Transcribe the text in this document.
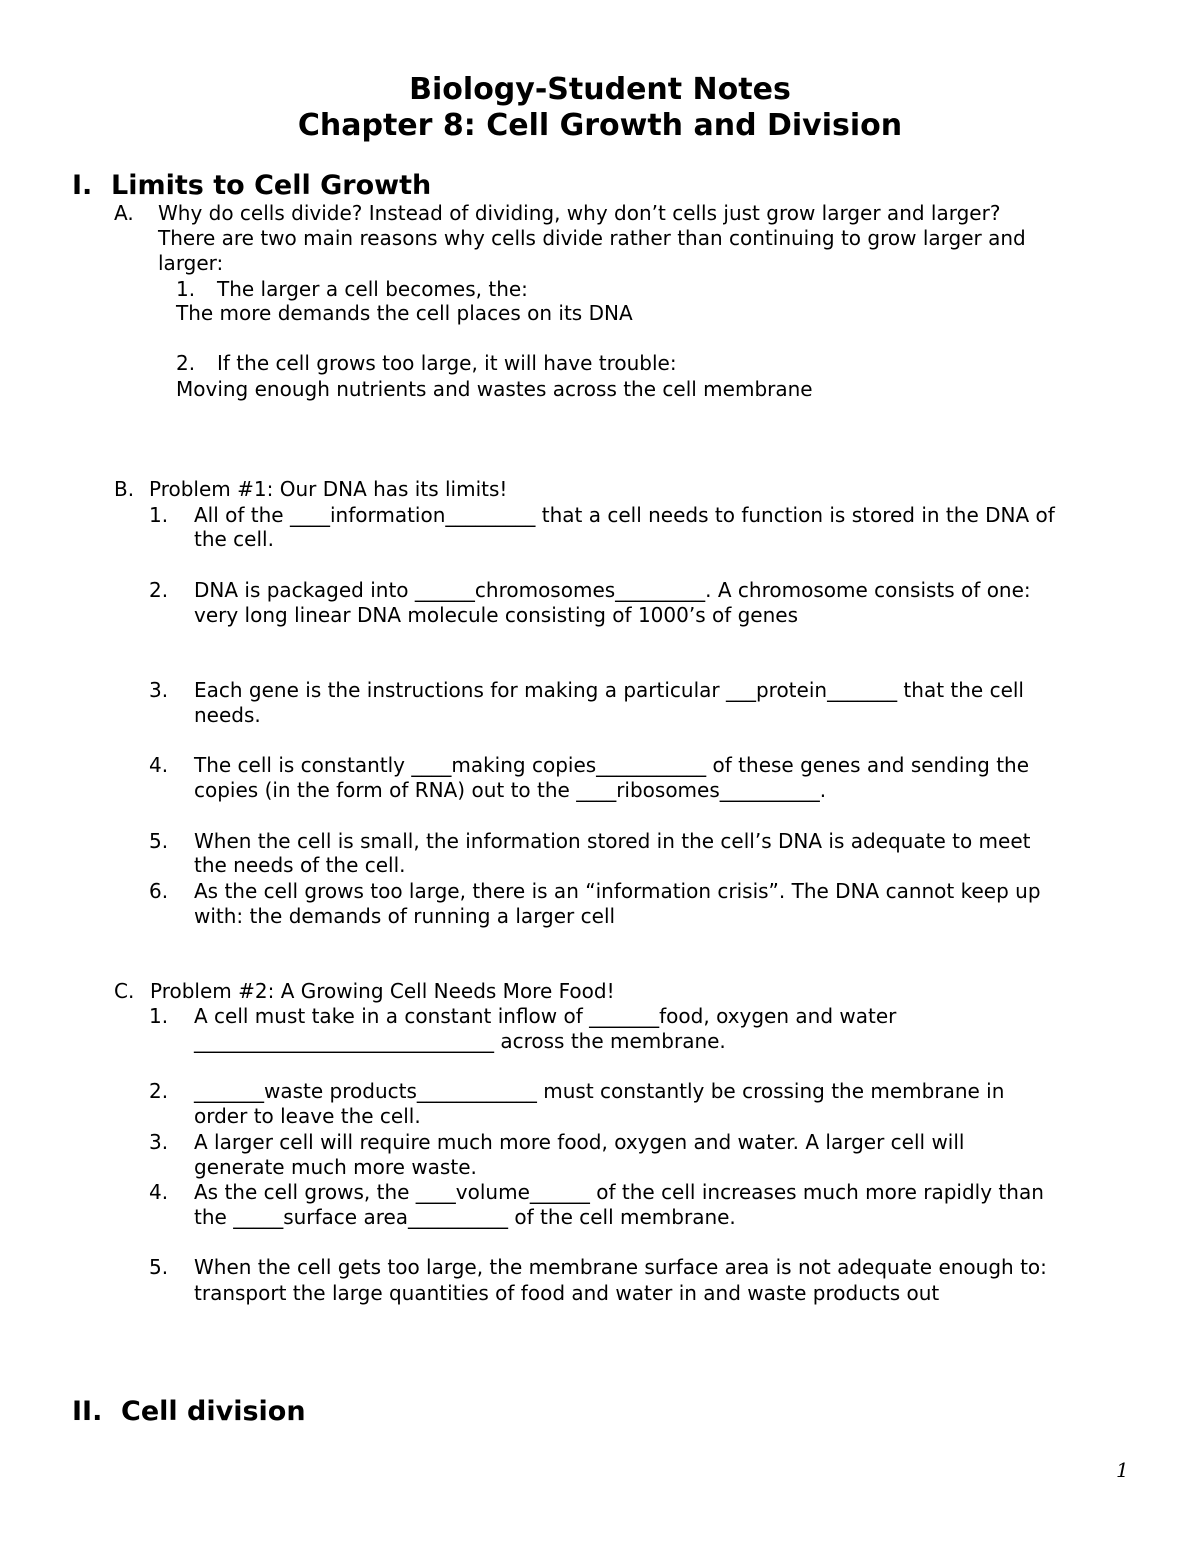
Biology-Student Notes
Chapter 8: Cell Growth and Division
I. Limits to Cell Growth
A. Why do cells divide? Instead of dividing, why don’t cells just grow larger and larger?
There are two main reasons why cells divide rather than continuing to grow larger and
larger:
1. The larger a cell becomes, the:
The more demands the cell places on its DNA
2. If the cell grows too large, it will have trouble:
Moving enough nutrients and wastes across the cell membrane
B. Problem #1: Our DNA has its limits!
1. All of the ____information_________ that a cell needs to function is stored in the DNA of
the cell.
2. DNA is packaged into ______chromosomes_________. A chromosome consists of one:
very long linear DNA molecule consisting of 1000’s of genes
3. Each gene is the instructions for making a particular ___protein_______ that the cell
needs.
4. The cell is constantly ____making copies___________ of these genes and sending the
copies (in the form of RNA) out to the ____ribosomes__________.
5. When the cell is small, the information stored in the cell’s DNA is adequate to meet
the needs of the cell.
6. As the cell grows too large, there is an “information crisis”. The DNA cannot keep up
with: the demands of running a larger cell
C. Problem #2: A Growing Cell Needs More Food!
1. A cell must take in a constant inflow of _______food, oxygen and water
______________________________ across the membrane.
2. _______waste products____________ must constantly be crossing the membrane in
order to leave the cell.
3. A larger cell will require much more food, oxygen and water. A larger cell will
generate much more waste.
4. As the cell grows, the ____volume______ of the cell increases much more rapidly than
the _____surface area__________ of the cell membrane.
5. When the cell gets too large, the membrane surface area is not adequate enough to:
transport the large quantities of food and water in and waste products out
II. Cell division
1
